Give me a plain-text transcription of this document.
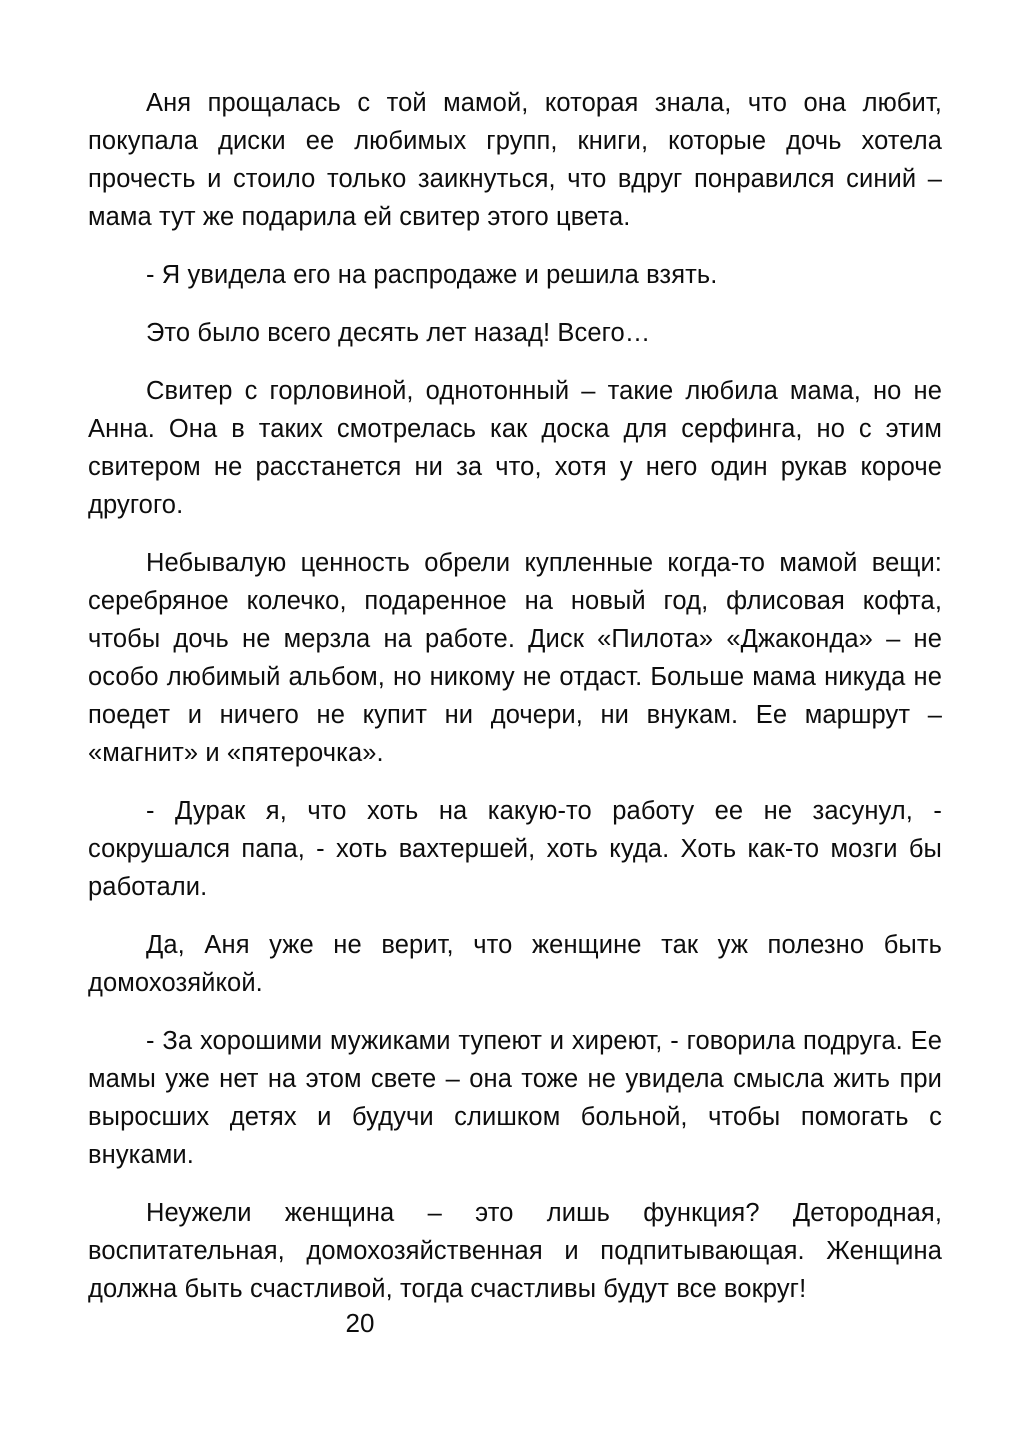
Аня прощалась с той мамой, которая знала, что она любит, покупала диски ее любимых групп, книги, которые дочь хотела прочесть и стоило только заикнуться, что вдруг понравился синий – мама тут же подарила ей свитер этого цвета.

- Я увидела его на распродаже и решила взять.

Это было всего десять лет назад! Всего…

Свитер с горловиной, однотонный – такие любила мама, но не Анна. Она в таких смотрелась как доска для серфинга, но с этим свитером не расстанется ни за что, хотя у него один рукав короче другого.

Небывалую ценность обрели купленные когда-то мамой вещи: серебряное колечко, подаренное на новый год, флисовая кофта, чтобы дочь не мерзла на работе. Диск «Пилота» «Джаконда» – не особо любимый альбом, но никому не отдаст. Больше мама никуда не поедет и ничего не купит ни дочери, ни внукам. Ее маршрут – «магнит» и «пятерочка».

- Дурак я, что хоть на какую-то работу ее не засунул, - сокрушался папа, - хоть вахтершей, хоть куда. Хоть как-то мозги бы работали.

Да, Аня уже не верит, что женщине так уж полезно быть домохозяйкой.

- За хорошими мужиками тупеют и хиреют, - говорила подруга. Ее мамы уже нет на этом свете – она тоже не увидела смысла жить при выросших детях и будучи слишком больной, чтобы помогать с внуками.

Неужели женщина – это лишь функция? Детородная, воспитательная, домохозяйственная и подпитывающая. Женщина должна быть счастливой, тогда счастливы будут все вокруг!

20
